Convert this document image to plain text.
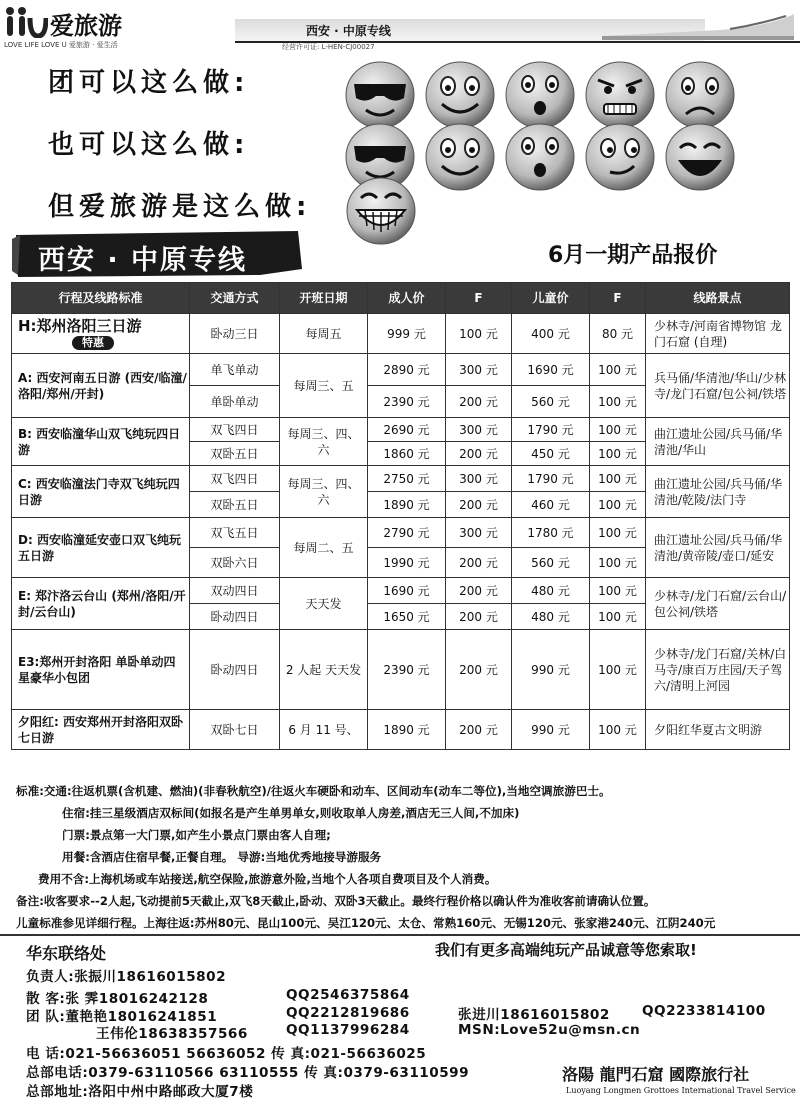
爱旅游
LOVE LIFE LOVE U 爱旅游 · 爱生活
西安 · 中原专线
经营许可证: L-HEN-CJ00027
团可以这么做:
也可以这么做:
但爱旅游是这么做:
西安 · 中原专线	6月一期产品报价
行程及线路标准	交通方式	开班日期	成人价	F	儿童价	F	线路景点

H:郑州洛阳三日游
特惠	卧动三日	每周五	999 元	100 元	400 元	80 元	少林寺/河南省博物馆 龙门石窟 (自理)
A: 西安河南五日游 (西安/临潼/洛阳/郑州/开封)	单飞单动	每周三、五	2890 元	300 元	1690 元	100 元	兵马俑/华清池/华山/少林寺/龙门石窟/包公祠/铁塔
	单卧单动		2390 元	200 元	560 元	100 元	
B: 西安临潼华山双飞纯玩四日游	双飞四日	每周三、四、六	2690 元	300 元	1790 元	100 元	曲江遗址公园/兵马俑/华清池/华山
	双卧五日		1860 元	200 元	450 元	100 元	
C: 西安临潼法门寺双飞纯玩四日游	双飞四日	每周三、四、六	2750 元	300 元	1790 元	100 元	曲江遗址公园/兵马俑/华清池/乾陵/法门寺
	双卧五日		1890 元	200 元	460 元	100 元	
D: 西安临潼延安壶口双飞纯玩五日游	双飞五日	每周二、五	2790 元	300 元	1780 元	100 元	曲江遗址公园/兵马俑/华清池/黄帝陵/壶口/延安
	双卧六日		1990 元	200 元	560 元	100 元	
E: 郑汴洛云台山 (郑州/洛阳/开封/云台山)	双动四日	天天发	1690 元	200 元	480 元	100 元	少林寺/龙门石窟/云台山/包公祠/铁塔
	卧动四日		1650 元	200 元	480 元	100 元	
E3:郑州开封洛阳 单卧单动四星豪华小包团	卧动四日	2 人起 天天发	2390 元	200 元	990 元	100 元	少林寺/龙门石窟/关林/白马寺/康百万庄园/天子驾六/清明上河园
夕阳红: 西安郑州开封洛阳双卧七日游	双卧七日	6 月 11 号、	1890 元	200 元	990 元	100 元	夕阳红华夏古文明游
标准:交通:往返机票(含机建、燃油)(非春秋航空)/往返火车硬卧和动车、区间动车(动车二等位),当地空调旅游巴士。
住宿:挂三星级酒店双标间(如报名是产生单男单女,则收取单人房差,酒店无三人间,不加床)
门票:景点第一大门票,如产生小景点门票由客人自理;
用餐:含酒店住宿早餐,正餐自理。 导游:当地优秀地接导游服务
费用不含:上海机场或车站接送,航空保险,旅游意外险,当地个人各项自费项目及个人消费。
备注:收客要求--2人起,飞动提前5天截止,双飞8天截止,卧动、双卧3天截止。最终行程价格以确认件为准收客前请确认位置。
儿童标准参见详细行程。上海往返:苏州80元、昆山100元、吴江120元、太仓、常熟160元、无锡120元、张家港240元、江阴240元
华东联络处	我们有更多高端纯玩产品诚意等您索取!
负责人:张振川18616015802
散 客:张 霁18016242128	QQ2546375864
团 队:董艳艳18016241851	QQ2212819686	张进川18616015802 QQ2233814100
王伟伦18638357566	QQ1137996284	MSN:Love52u@msn.cn
电 话:021-56636051 56636052 传 真:021-56636025
总部电话:0379-63110566 63110555 传 真:0379-63110599
总部地址:洛阳中州中路邮政大厦7楼
洛陽 龍門石窟 國際旅行社
Luoyang Longmen Grottoes International Travel Service
